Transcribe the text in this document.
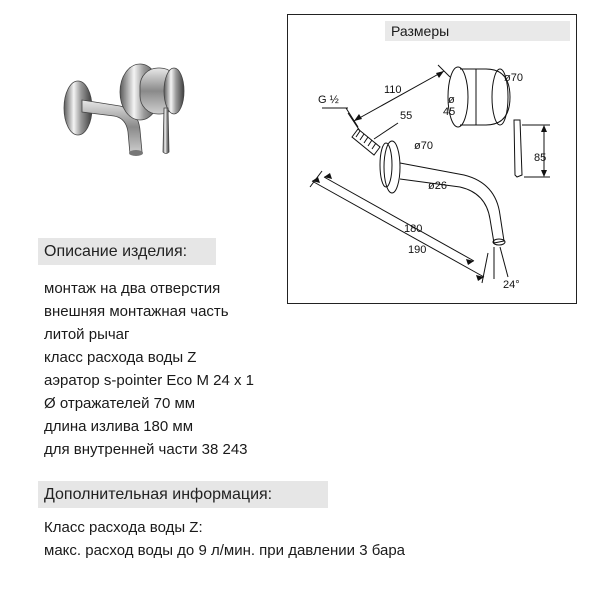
Размеры
G ½
110
ø70
ø
45
55
ø70
85
ø26
180
190
24°
Описание изделия:
монтаж на два отверстия
внешняя монтажная часть
литой рычаг
класс расхода воды Z
аэратор s-pointer Eco M 24 x 1
Ø отражателей 70 мм
длина излива 180 мм
для внутренней части 38 243
Дополнительная информация:
Класс расхода воды Z:
макс. расход воды до 9 л/мин. при давлении 3 бара
